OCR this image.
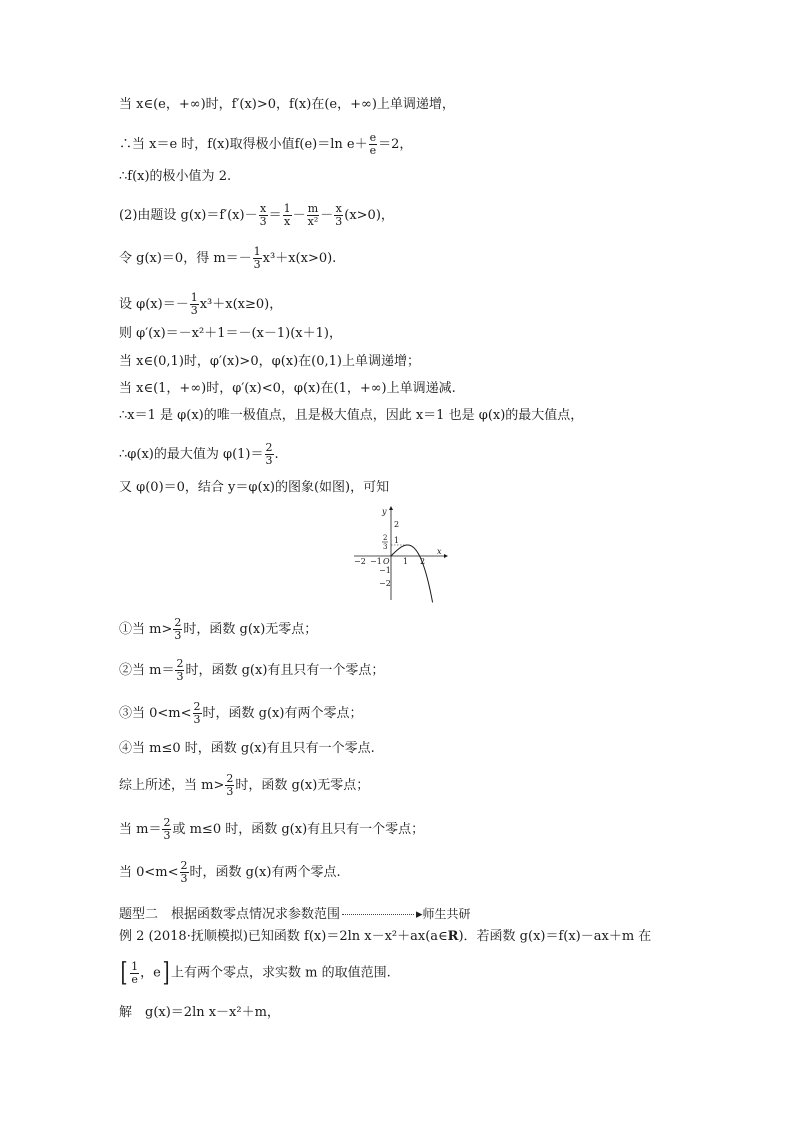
当 x∈(e，+∞)时，f′(x)>0，f(x)在(e，+∞)上单调递增，
∴当 x＝e 时，f(x)取得极小值f(e)＝ln $e+ \frac{e}{e} =2$，
∴f(x)的极小值为 2.
(2)由题设 $g(x)=f'(x)- \frac{x}{3} = \frac{1}{x} - \frac{m}{\text{x²}} - \frac{x}{3} (x>0)$，
令 g(x)＝0，得 $m=- \frac{1}{3} x^3+x(x>0)$.
设 $\varphi(x)=- \frac{1}{3} x^3+x(x\ge 0)$，
则 φ′(x)＝－x²＋1＝－(x－1)(x＋1)，
当 x∈(0,1)时，φ′(x)>0，φ(x)在(0,1)上单调递增；
当 x∈(1，+∞)时，φ′(x)<0，φ(x)在(1，+∞)上单调递减.
∴x＝1 是 φ(x)的唯一极值点，且是极大值点，因此 x＝1 也是 φ(x)的最大值点，
∴φ(x)的最大值为 $\varphi(1)= \frac{2}{3}$ .
又 φ(0)＝0，结合 y＝φ(x)的图象(如图)，可知
x
y
O
−2 −1	1 2
2
1
−1
−2
2
3
①当 $m> \frac{2}{3}$ 时，函数 g(x)无零点；
②当 $m= \frac{2}{3}$ 时，函数 g(x)有且只有一个零点；
③当 $0<m< \frac{2}{3}$ 时，函数 g(x)有两个零点；
④当 m≤0 时，函数 g(x)有且只有一个零点.
综上所述，当 $m> \frac{2}{3}$ 时，函数 g(x)无零点；
当 $m= \frac{2}{3}$ 或 m≤0 时，函数 g(x)有且只有一个零点；
当 $0<m< \frac{2}{3}$ 时，函数 g(x)有两个零点.
题型二　根据函数零点情况求参数范围	▸师生共研
例 2 (2018·抚顺模拟)已知函数 f(x)＝2ln x－x²＋ax(a∈R)．若函数 g(x)＝f(x)－ax＋m 在
[ $\frac{1}{e}$ ，e] 上有两个零点，求实数 m 的取值范围.
解　g(x)＝2ln x－x²＋m，
